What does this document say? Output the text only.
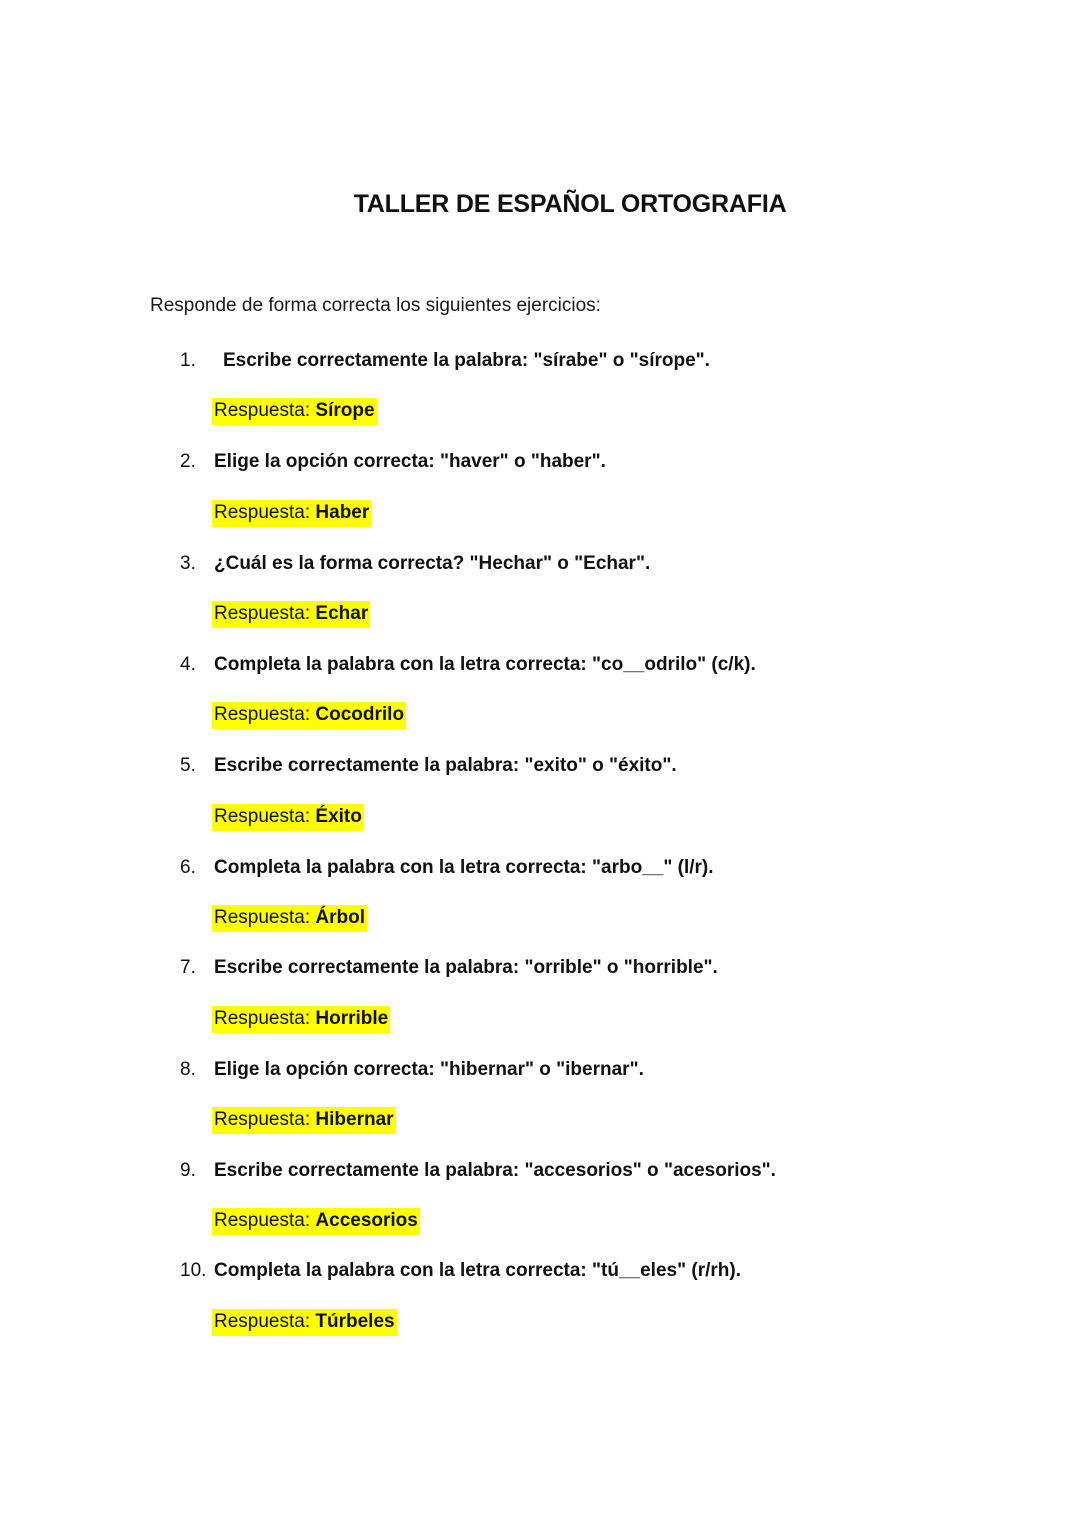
TALLER DE ESPAÑOL ORTOGRAFIA
Responde de forma correcta los siguientes ejercicios:
1. Escribe correctamente la palabra: "sírabe" o "sírope".
Respuesta: Sírope
2. Elige la opción correcta: "haver" o "haber".
Respuesta: Haber
3. ¿Cuál es la forma correcta? "Hechar" o "Echar".
Respuesta: Echar
4. Completa la palabra con la letra correcta: "co__odrilo" (c/k).
Respuesta: Cocodrilo
5. Escribe correctamente la palabra: "exito" o "éxito".
Respuesta: Éxito
6. Completa la palabra con la letra correcta: "arbo__" (l/r).
Respuesta: Árbol
7. Escribe correctamente la palabra: "orrible" o "horrible".
Respuesta: Horrible
8. Elige la opción correcta: "hibernar" o "ibernar".
Respuesta: Hibernar
9. Escribe correctamente la palabra: "accesorios" o "acesorios".
Respuesta: Accesorios
10. Completa la palabra con la letra correcta: "tú__eles" (r/rh).
Respuesta: Túrbeles
